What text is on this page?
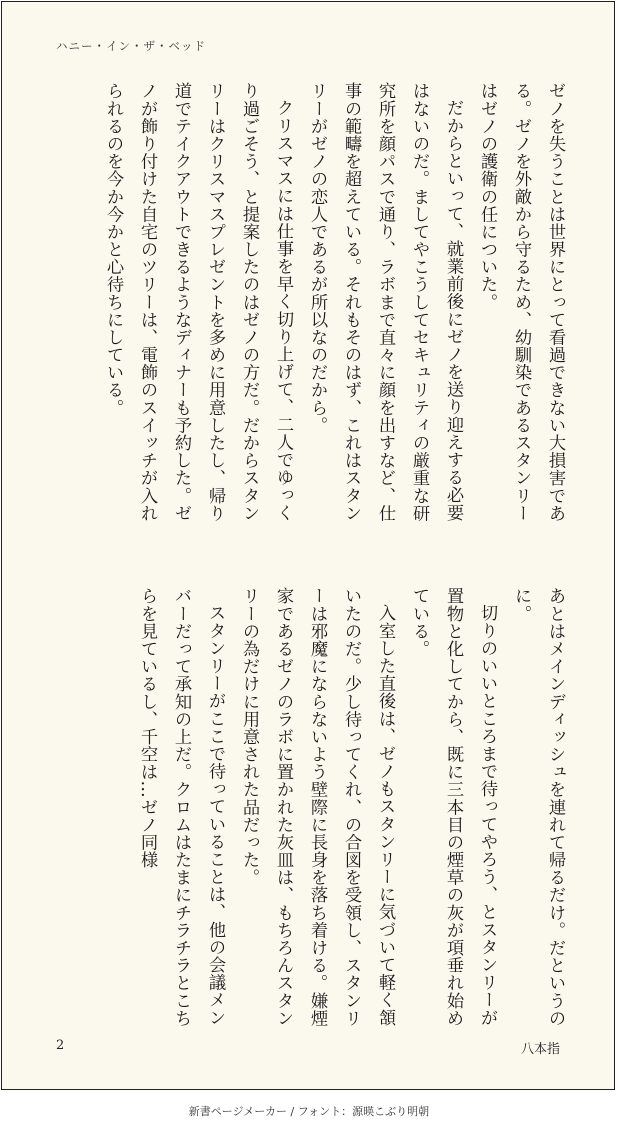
ハニー・イン・ザ・ベッド

ゼノを失うことは世界にとって看過できない大損害である。ゼノを外敵から守るため、幼馴染であるスタンリーはゼノの護衛の任についた。

だからといって、就業前後にゼノを送り迎えする必要はないのだ。ましてやこうしてセキュリティの厳重な研究所を顔パスで通り、ラボまで直々に顔を出すなど、仕事の範疇を超えている。それもそのはず、これはスタンリーがゼノの恋人であるが所以なのだから。

クリスマスには仕事を早く切り上げて、二人でゆっくり過ごそう、と提案したのはゼノの方だ。だからスタンリーはクリスマスプレゼントを多めに用意したし、帰り道でテイクアウトできるようなディナーも予約した。ゼノが飾り付けた自宅のツリーは、電飾のスイッチが入れられるのを今か今かと心待ちにしている。

あとはメインディッシュを連れて帰るだけ。だというのに。

切りのいいところまで待ってやろう、とスタンリーが置物と化してから、既に三本目の煙草の灰が項垂れ始めている。

入室した直後は、ゼノもスタンリーに気づいて軽く頷いたのだ。少し待ってくれ、の合図を受領し、スタンリーは邪魔にならないよう壁際に長身を落ち着ける。嫌煙家であるゼノのラボに置かれた灰皿は、もちろんスタンリーの為だけに用意された品だった。

スタンリーがここで待っていることは、他の会議メンバーだって承知の上だ。クロムはたまにチラチラとこちらを見ているし、千空は…ゼノ同様

2	八本指
新書ページメーカー / フォント：源暎こぶり明朝
